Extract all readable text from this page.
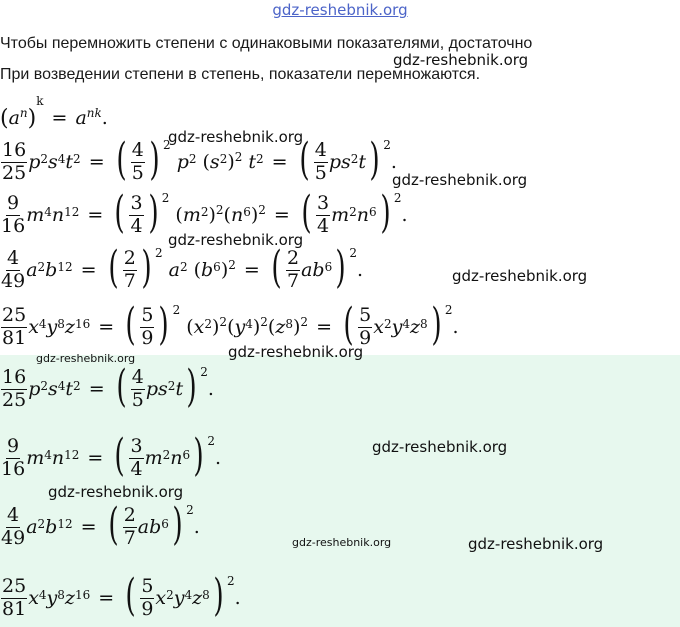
gdz-reshebnik.org
Чтобы перемножить степени с одинаковыми показателями, достаточно
При возведении степени в степень, показатели перемножаются.
( $a^n$ )
$^k$
= $a^{nk}$ .
$\frac{16}{25} p^2s^4t^2$ = ( $\frac{4}{5}$ ) $^2$
$p^2$ ( $s^2$ )$^2$ $t^2$ = ( $\frac{4}{5} ps^2t$ ) $^2$
.
$\frac{9}{16} m^4n^{12}$ = ( $\frac{3}{4}$ ) $^2$
( $m^2$ )$^2$ ( $n^6$ )$^2$ = ( $\frac{3}{4} m^2n^6$ ) $^2$
.
$\frac{4}{49} a^2b^{12}$ = ( $\frac{2}{7}$ ) $^2$
$a^2$ ( $b^6$ )$^2$ = ( $\frac{2}{7} ab^6$ ) $^2$
.
$\frac{25}{81} x^4y^8z^{16}$ = ( $\frac{5}{9}$ ) $^2$
( $x^2$ )$^2$ ( $y^4$ )$^2$ ( $z^8$ )$^2$ = ( $\frac{5}{9} x^2y^4z^8$ ) $^2$
.
$\frac{16}{25} p^2s^4t^2$ = ( $\frac{4}{5} ps^2t$ ) $^2$
.
$\frac{9}{16} m^4n^{12}$ = ( $\frac{3}{4} m^2n^6$ ) $^2$
.
$\frac{4}{49} a^2b^{12}$ = ( $\frac{2}{7} ab^6$ ) $^2$
.
$\frac{25}{81} x^4y^8z^{16}$ = ( $\frac{5}{9} x^2y^4z^8$ ) $^2$
.
gdz-reshebnik.org
gdz-reshebnik.org
gdz-reshebnik.org
gdz-reshebnik.org
gdz-reshebnik.org
gdz-reshebnik.org	gdz-reshebnik.org
gdz-reshebnik.org
gdz-reshebnik.org
gdz-reshebnik.org	gdz-reshebnik.org
